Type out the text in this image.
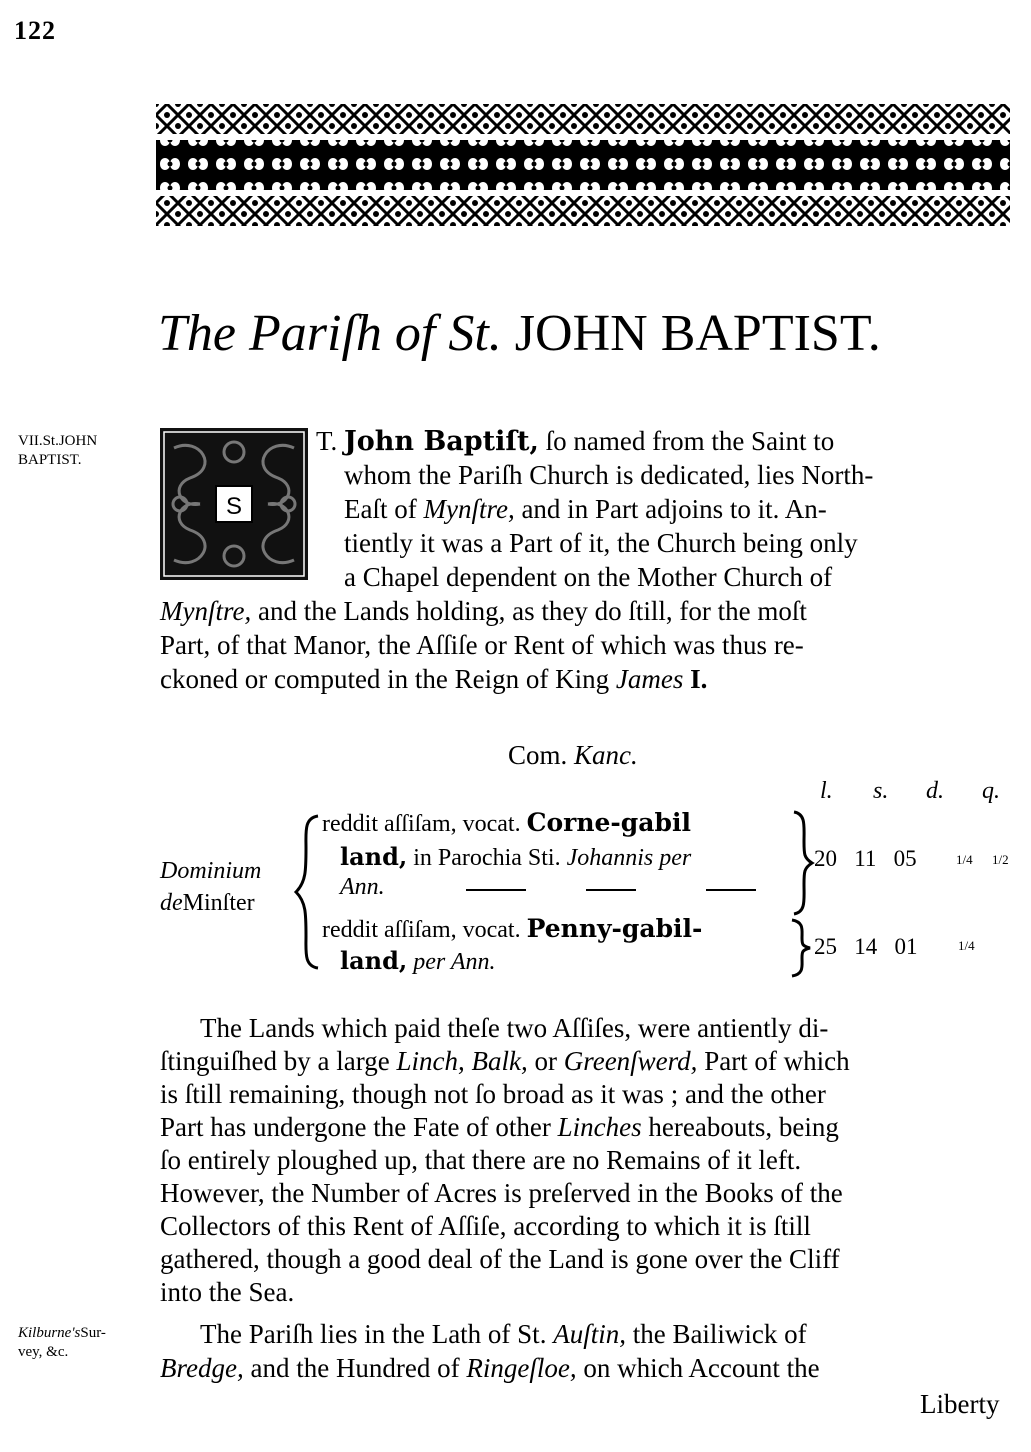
122
The Pariſh of St. JOHN BAPTIST.
VII.St.JOHN
BAPTIST.
S
T. John Baptiſt, ſo named from the Saint to
whom the Pariſh Church is dedicated, lies North-
Eaſt of Mynſtre, and in Part adjoins to it. An-
tiently it was a Part of it, the Church being only
a Chapel dependent on the Mother Church of
Mynſtre, and the Lands holding, as they do ſtill, for the moſt
Part, of that Manor, the Aſſiſe or Rent of which was thus re-
ckoned or computed in the Reign of King James I.
Com. Kanc.
l. s. d. q.
Dominium
deMinſter
reddit aſſiſam, vocat. Corne-gabil
land, in Parochia Sti. Johannis per
Ann.
20   11   05	1/4 1/2
reddit aſſiſam, vocat. Penny-gabil-
land, per Ann.
25   14   01	1/4
The Lands which paid theſe two Aſſiſes, were antiently di-
ſtinguiſhed by a large Linch, Balk, or Greenſwerd, Part of which
is ſtill remaining, though not ſo broad as it was ; and the other
Part has undergone the Fate of other Linches hereabouts, being
ſo entirely ploughed up, that there are no Remains of it left.
However, the Number of Acres is preſerved in the Books of the
Collectors of this Rent of Aſſiſe, according to which it is ſtill
gathered, though a good deal of the Land is gone over the Cliff
into the Sea.
Kilburne'sSur-
vey, &c.
The Pariſh lies in the Lath of St. Auſtin, the Bailiwick of
Bredge, and the Hundred of Ringeſloe, on which Account the
Liberty
